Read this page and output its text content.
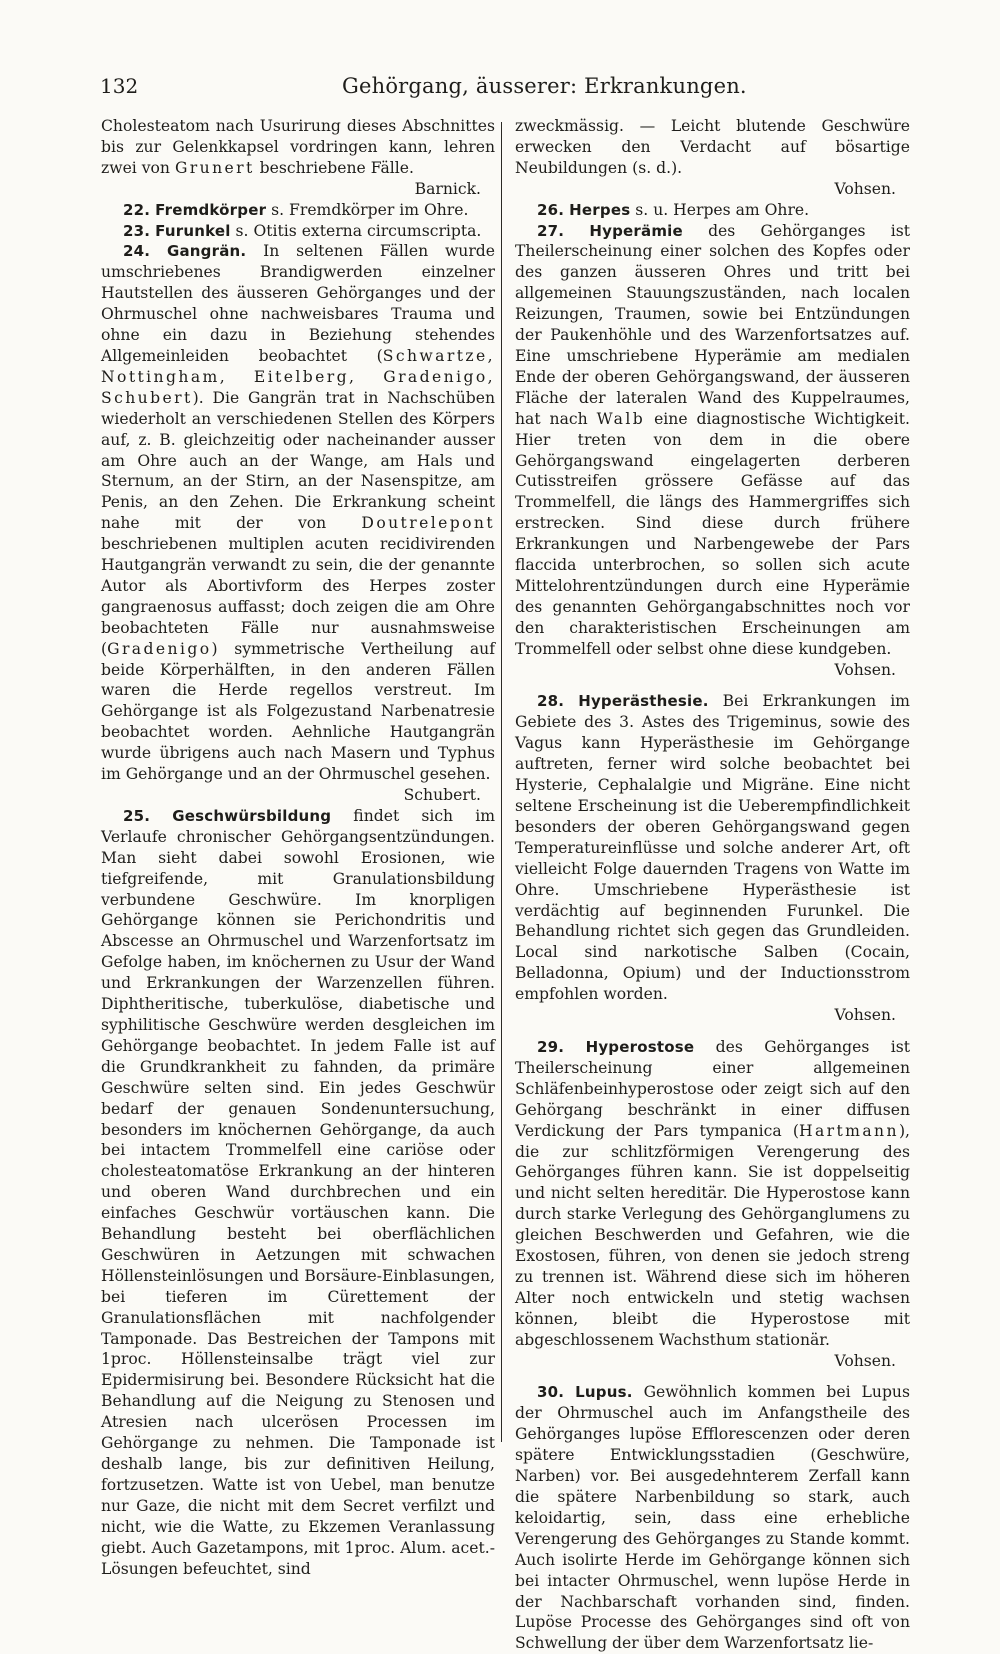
132	Gehörgang, äusserer: Erkrankungen.

Cholesteatom nach Usurirung dieses Abschnittes bis zur Gelenkkapsel vordringen kann, lehren zwei von Grunert beschriebene Fälle.

Barnick.

22. Fremdkörper s. Fremdkörper im Ohre.

23. Furunkel s. Otitis externa circumscripta.

24. Gangrän. In seltenen Fällen wurde umschriebenes Brandigwerden einzelner Hautstellen des äusseren Gehörganges und der Ohrmuschel ohne nachweisbares Trauma und ohne ein dazu in Beziehung stehendes Allgemeinleiden beobachtet (Schwartze, Nottingham, Eitelberg, Gradenigo, Schubert). Die Gangrän trat in Nachschüben wiederholt an verschiedenen Stellen des Körpers auf, z. B. gleichzeitig oder nacheinander ausser am Ohre auch an der Wange, am Hals und Sternum, an der Stirn, an der Nasenspitze, am Penis, an den Zehen. Die Erkrankung scheint nahe mit der von Doutrelepont beschriebenen multiplen acuten recidivirenden Hautgangrän verwandt zu sein, die der genannte Autor als Abortivform des Herpes zoster gangraenosus auffasst; doch zeigen die am Ohre beobachteten Fälle nur ausnahmsweise (Gradenigo) symmetrische Vertheilung auf beide Körperhälften, in den anderen Fällen waren die Herde regellos verstreut. Im Gehörgange ist als Folgezustand Narbenatresie beobachtet worden. Aehnliche Hautgangrän wurde übrigens auch nach Masern und Typhus im Gehörgange und an der Ohrmuschel gesehen.

Schubert.

25. Geschwürsbildung findet sich im Verlaufe chronischer Gehörgangsentzündungen. Man sieht dabei sowohl Erosionen, wie tiefgreifende, mit Granulationsbildung verbundene Geschwüre. Im knorpligen Gehörgange können sie Perichondritis und Abscesse an Ohrmuschel und Warzenfortsatz im Gefolge haben, im knöchernen zu Usur der Wand und Erkrankungen der Warzenzellen führen. Diphtheritische, tuberkulöse, diabetische und syphilitische Geschwüre werden desgleichen im Gehörgange beobachtet. In jedem Falle ist auf die Grundkrankheit zu fahnden, da primäre Geschwüre selten sind. Ein jedes Geschwür bedarf der genauen Sondenuntersuchung, besonders im knöchernen Gehörgange, da auch bei intactem Trommelfell eine cariöse oder cholesteatomatöse Erkrankung an der hinteren und oberen Wand durchbrechen und ein einfaches Geschwür vortäuschen kann. Die Behandlung besteht bei oberflächlichen Geschwüren in Aetzungen mit schwachen Höllensteinlösungen und Borsäure-Einblasungen, bei tieferen im Cürettement der Granulationsflächen mit nachfolgender Tamponade. Das Bestreichen der Tampons mit 1proc. Höllensteinsalbe trägt viel zur Epidermisirung bei. Besondere Rücksicht hat die Behandlung auf die Neigung zu Stenosen und Atresien nach ulcerösen Processen im Gehörgange zu nehmen. Die Tamponade ist deshalb lange, bis zur definitiven Heilung, fortzusetzen. Watte ist von Uebel, man benutze nur Gaze, die nicht mit dem Secret verfilzt und nicht, wie die Watte, zu Ekzemen Veranlassung giebt. Auch Gazetampons, mit 1proc. Alum. acet.-Lösungen befeuchtet, sind

zweckmässig. — Leicht blutende Geschwüre erwecken den Verdacht auf bösartige Neubildungen (s. d.).

Vohsen.

26. Herpes s. u. Herpes am Ohre.

27. Hyperämie des Gehörganges ist Theilerscheinung einer solchen des Kopfes oder des ganzen äusseren Ohres und tritt bei allgemeinen Stauungszuständen, nach localen Reizungen, Traumen, sowie bei Entzündungen der Paukenhöhle und des Warzenfortsatzes auf. Eine umschriebene Hyperämie am medialen Ende der oberen Gehörgangswand, der äusseren Fläche der lateralen Wand des Kuppelraumes, hat nach Walb eine diagnostische Wichtigkeit. Hier treten von dem in die obere Gehörgangswand eingelagerten derberen Cutisstreifen grössere Gefässe auf das Trommelfell, die längs des Hammergriffes sich erstrecken. Sind diese durch frühere Erkrankungen und Narbengewebe der Pars flaccida unterbrochen, so sollen sich acute Mittelohrentzündungen durch eine Hyperämie des genannten Gehörgangabschnittes noch vor den charakteristischen Erscheinungen am Trommelfell oder selbst ohne diese kundgeben.

Vohsen.

28. Hyperästhesie. Bei Erkrankungen im Gebiete des 3. Astes des Trigeminus, sowie des Vagus kann Hyperästhesie im Gehörgange auftreten, ferner wird solche beobachtet bei Hysterie, Cephalalgie und Migräne. Eine nicht seltene Erscheinung ist die Ueberempfindlichkeit besonders der oberen Gehörgangswand gegen Temperatureinflüsse und solche anderer Art, oft vielleicht Folge dauernden Tragens von Watte im Ohre. Umschriebene Hyperästhesie ist verdächtig auf beginnenden Furunkel. Die Behandlung richtet sich gegen das Grundleiden. Local sind narkotische Salben (Cocain, Belladonna, Opium) und der Inductionsstrom empfohlen worden.

Vohsen.

29. Hyperostose des Gehörganges ist Theilerscheinung einer allgemeinen Schläfenbeinhyperostose oder zeigt sich auf den Gehörgang beschränkt in einer diffusen Verdickung der Pars tympanica (Hartmann), die zur schlitzförmigen Verengerung des Gehörganges führen kann. Sie ist doppelseitig und nicht selten hereditär. Die Hyperostose kann durch starke Verlegung des Gehörganglumens zu gleichen Beschwerden und Gefahren, wie die Exostosen, führen, von denen sie jedoch streng zu trennen ist. Während diese sich im höheren Alter noch entwickeln und stetig wachsen können, bleibt die Hyperostose mit abgeschlossenem Wachsthum stationär.

Vohsen.

30. Lupus. Gewöhnlich kommen bei Lupus der Ohrmuschel auch im Anfangstheile des Gehörganges lupöse Efflorescenzen oder deren spätere Entwicklungsstadien (Geschwüre, Narben) vor. Bei ausgedehnterem Zerfall kann die spätere Narbenbildung so stark, auch keloidartig, sein, dass eine erhebliche Verengerung des Gehörganges zu Stande kommt. Auch isolirte Herde im Gehörgange können sich bei intacter Ohrmuschel, wenn lupöse Herde in der Nachbarschaft vorhanden sind, finden. Lupöse Processe des Gehörganges sind oft von Schwellung der über dem Warzenfortsatz lie-
